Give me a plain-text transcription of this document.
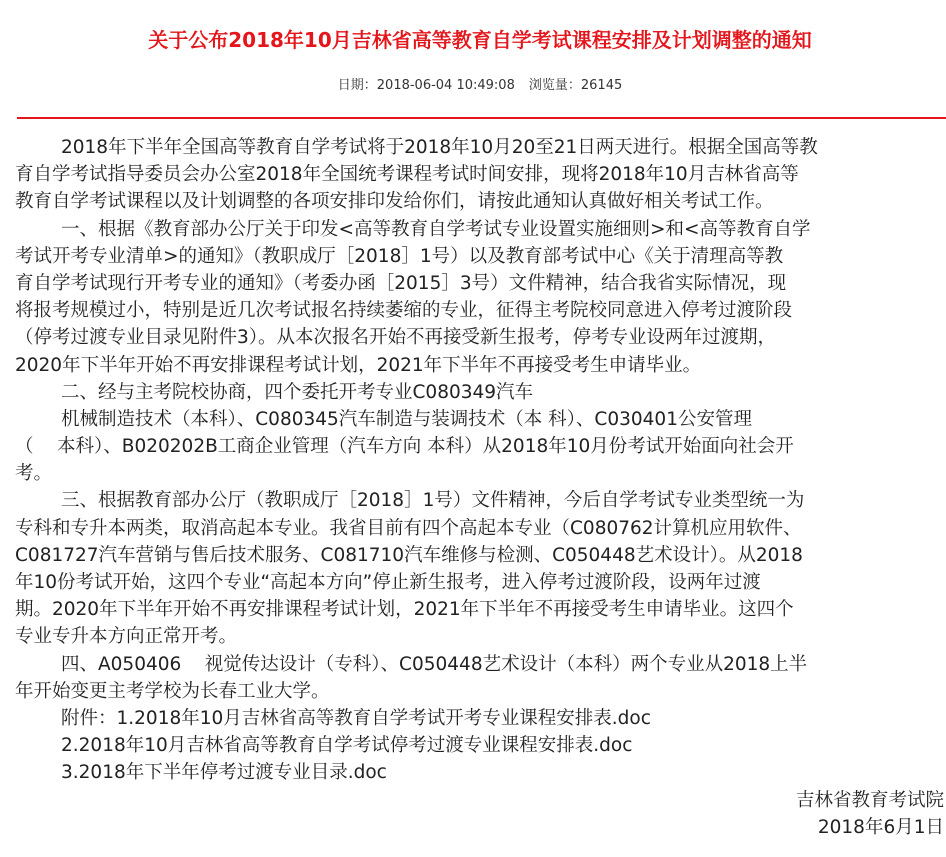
关于公布2018年10月吉林省高等教育自学考试课程安排及计划调整的通知
日期：2018-06-04 10:49:08 浏览量：26145
2018年下半年全国高等教育自学考试将于2018年10月20至21日两天进行。根据全国高等教
育自学考试指导委员会办公室2018年全国统考课程考试时间安排，现将2018年10月吉林省高等
教育自学考试课程以及计划调整的各项安排印发给你们，请按此通知认真做好相关考试工作。
一、根据《教育部办公厅关于印发<高等教育自学考试专业设置实施细则>和<高等教育自学
考试开考专业清单>的通知》（教职成厅［2018］1号）以及教育部考试中心《关于清理高等教
育自学考试现行开考专业的通知》（考委办函［2015］3号）文件精神，结合我省实际情况，现
将报考规模过小，特别是近几次考试报名持续萎缩的专业，征得主考院校同意进入停考过渡阶段
（停考过渡专业目录见附件3）。从本次报名开始不再接受新生报考，停考专业设两年过渡期，
2020年下半年开始不再安排课程考试计划，2021年下半年不再接受考生申请毕业。
二、经与主考院校协商，四个委托开考专业C080349汽车
机械制造技术（本科）、C080345汽车制造与装调技术（本 科）、C030401公安管理
（    本科）、B020202B工商企业管理（汽车方向 本科）从2018年10月份考试开始面向社会开
考。
三、根据教育部办公厅（教职成厅［2018］1号）文件精神，今后自学考试专业类型统一为
专科和专升本两类，取消高起本专业。我省目前有四个高起本专业（C080762计算机应用软件、
C081727汽车营销与售后技术服务、C081710汽车维修与检测、C050448艺术设计）。从2018
年10份考试开始，这四个专业“高起本方向”停止新生报考，进入停考过渡阶段，设两年过渡
期。2020年下半年开始不再安排课程考试计划，2021年下半年不再接受考生申请毕业。这四个
专业专升本方向正常开考。
四、A050406    视觉传达设计（专科）、C050448艺术设计（本科）两个专业从2018上半
年开始变更主考学校为长春工业大学。
附件：1.2018年10月吉林省高等教育自学考试开考专业课程安排表.doc
2.2018年10月吉林省高等教育自学考试停考过渡专业课程安排表.doc
3.2018年下半年停考过渡专业目录.doc
吉林省教育考试院
2018年6月1日
